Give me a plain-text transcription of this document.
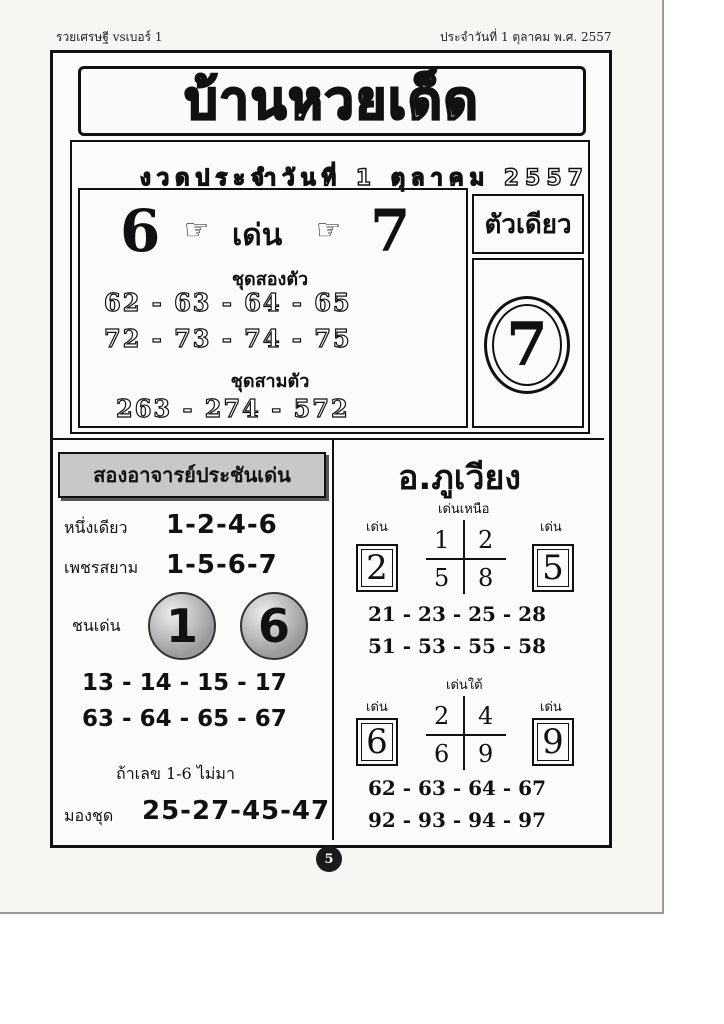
รวยเศรษฐี vsเบอร์ 1	ประจำวันที่ 1 ตุลาคม พ.ศ. 2557
บ้านหวยเด็ด
งวดประจำวันที่ 1 ตุลาคม 2557
6 ☞ เด่น ☞ 7
ชุดสองตัว
62 - 63 - 64 - 65
72 - 73 - 74 - 75
ชุดสามตัว
263 - 274 - 572
ตัวเดียว
7
สองอาจารย์ประชันเด่น
หนึ่งเดียว 1-2-4-6
เพชรสยาม 1-5-6-7
ชนเด่น 1	6
13 - 14 - 15 - 17
63 - 64 - 65 - 67
ถ้าเลข 1-6 ไม่มา
มองชุด 25-27-45-47
อ.ภูเวียง
เด่นเหนือ
เด่น	เด่น
2	5
1 2
5 8
21 - 23 - 25 - 28
51 - 53 - 55 - 58
เด่นใต้
เด่น	เด่น
6	9
2 4
6 9
62 - 63 - 64 - 67
92 - 93 - 94 - 97
5
